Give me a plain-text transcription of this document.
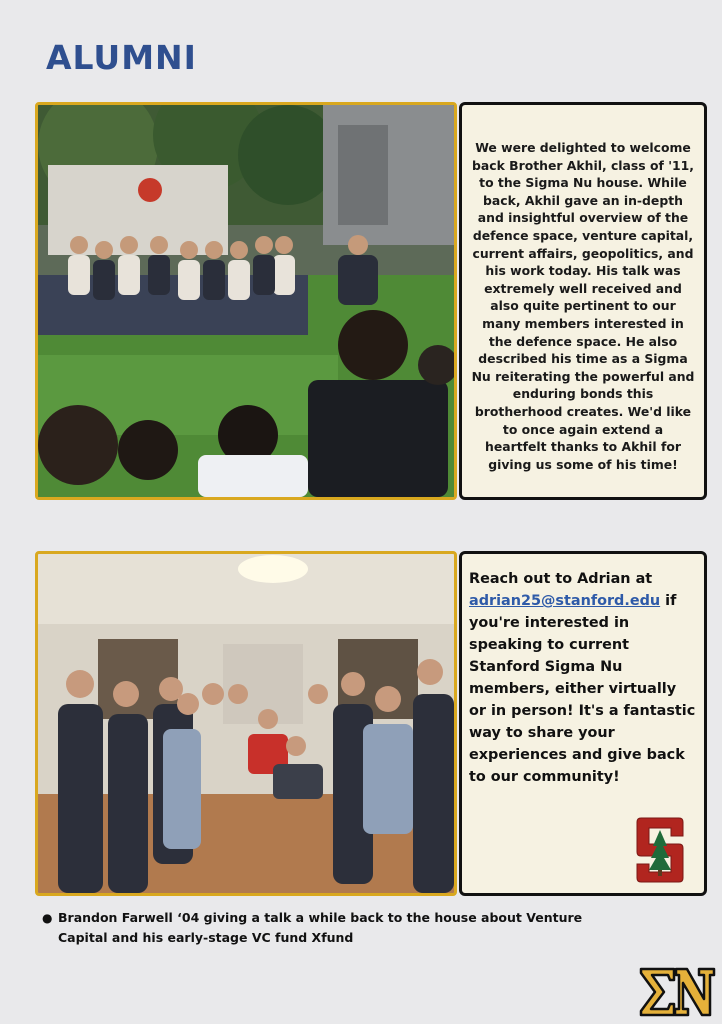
ALUMNI
We were delighted to welcome back Brother Akhil, class of '11, to the Sigma Nu house. While back, Akhil gave an in-depth and insightful overview of the defence space, venture capital, current affairs, geopolitics, and his work today. His talk was extremely well received and also quite pertinent to our many members interested in the defence space. He also described his time as a Sigma Nu reiterating the powerful and enduring bonds this brotherhood creates. We'd like to once again extend a heartfelt thanks to Akhil for giving us some of his time!
Reach out to Adrian at adrian25@stanford.edu if you're interested in speaking to current Stanford Sigma Nu members, either virtually or in person! It's a fantastic way to share your experiences and give back to our community!
● Brandon Farwell ‘04 giving a talk a while back to the house about Venture Capital and his early-stage VC fund Xfund
